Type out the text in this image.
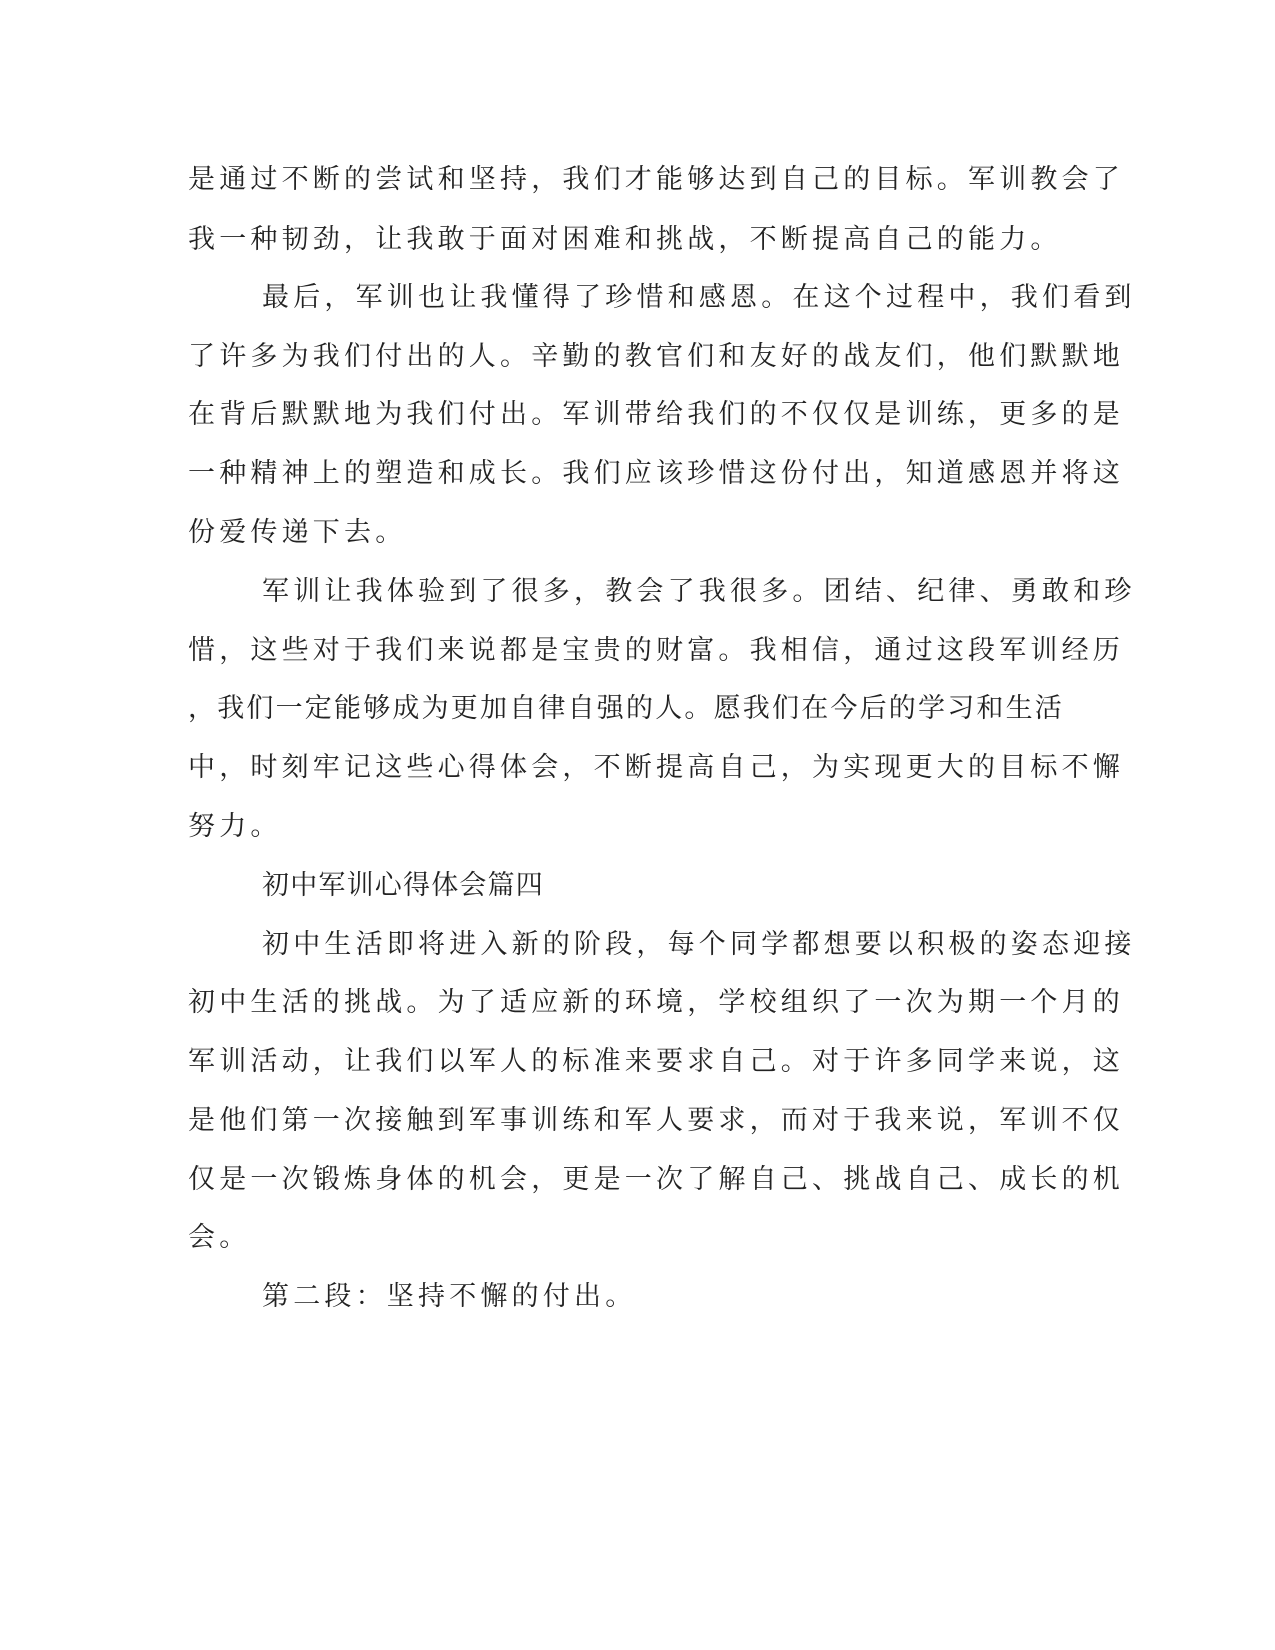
是通过不断的尝试和坚持，我们才能够达到自己的目标。军训教会了
我一种韧劲，让我敢于面对困难和挑战，不断提高自己的能力。
最后，军训也让我懂得了珍惜和感恩。在这个过程中，我们看到
了许多为我们付出的人。辛勤的教官们和友好的战友们，他们默默地
在背后默默地为我们付出。军训带给我们的不仅仅是训练，更多的是
一种精神上的塑造和成长。我们应该珍惜这份付出，知道感恩并将这
份爱传递下去。
军训让我体验到了很多，教会了我很多。团结、纪律、勇敢和珍
惜，这些对于我们来说都是宝贵的财富。我相信，通过这段军训经历
，我们一定能够成为更加自律自强的人。愿我们在今后的学习和生活
中，时刻牢记这些心得体会，不断提高自己，为实现更大的目标不懈
努力。
初中军训心得体会篇四
初中生活即将进入新的阶段，每个同学都想要以积极的姿态迎接
初中生活的挑战。为了适应新的环境，学校组织了一次为期一个月的
军训活动，让我们以军人的标准来要求自己。对于许多同学来说，这
是他们第一次接触到军事训练和军人要求，而对于我来说，军训不仅
仅是一次锻炼身体的机会，更是一次了解自己、挑战自己、成长的机
会。
第二段：坚持不懈的付出。
